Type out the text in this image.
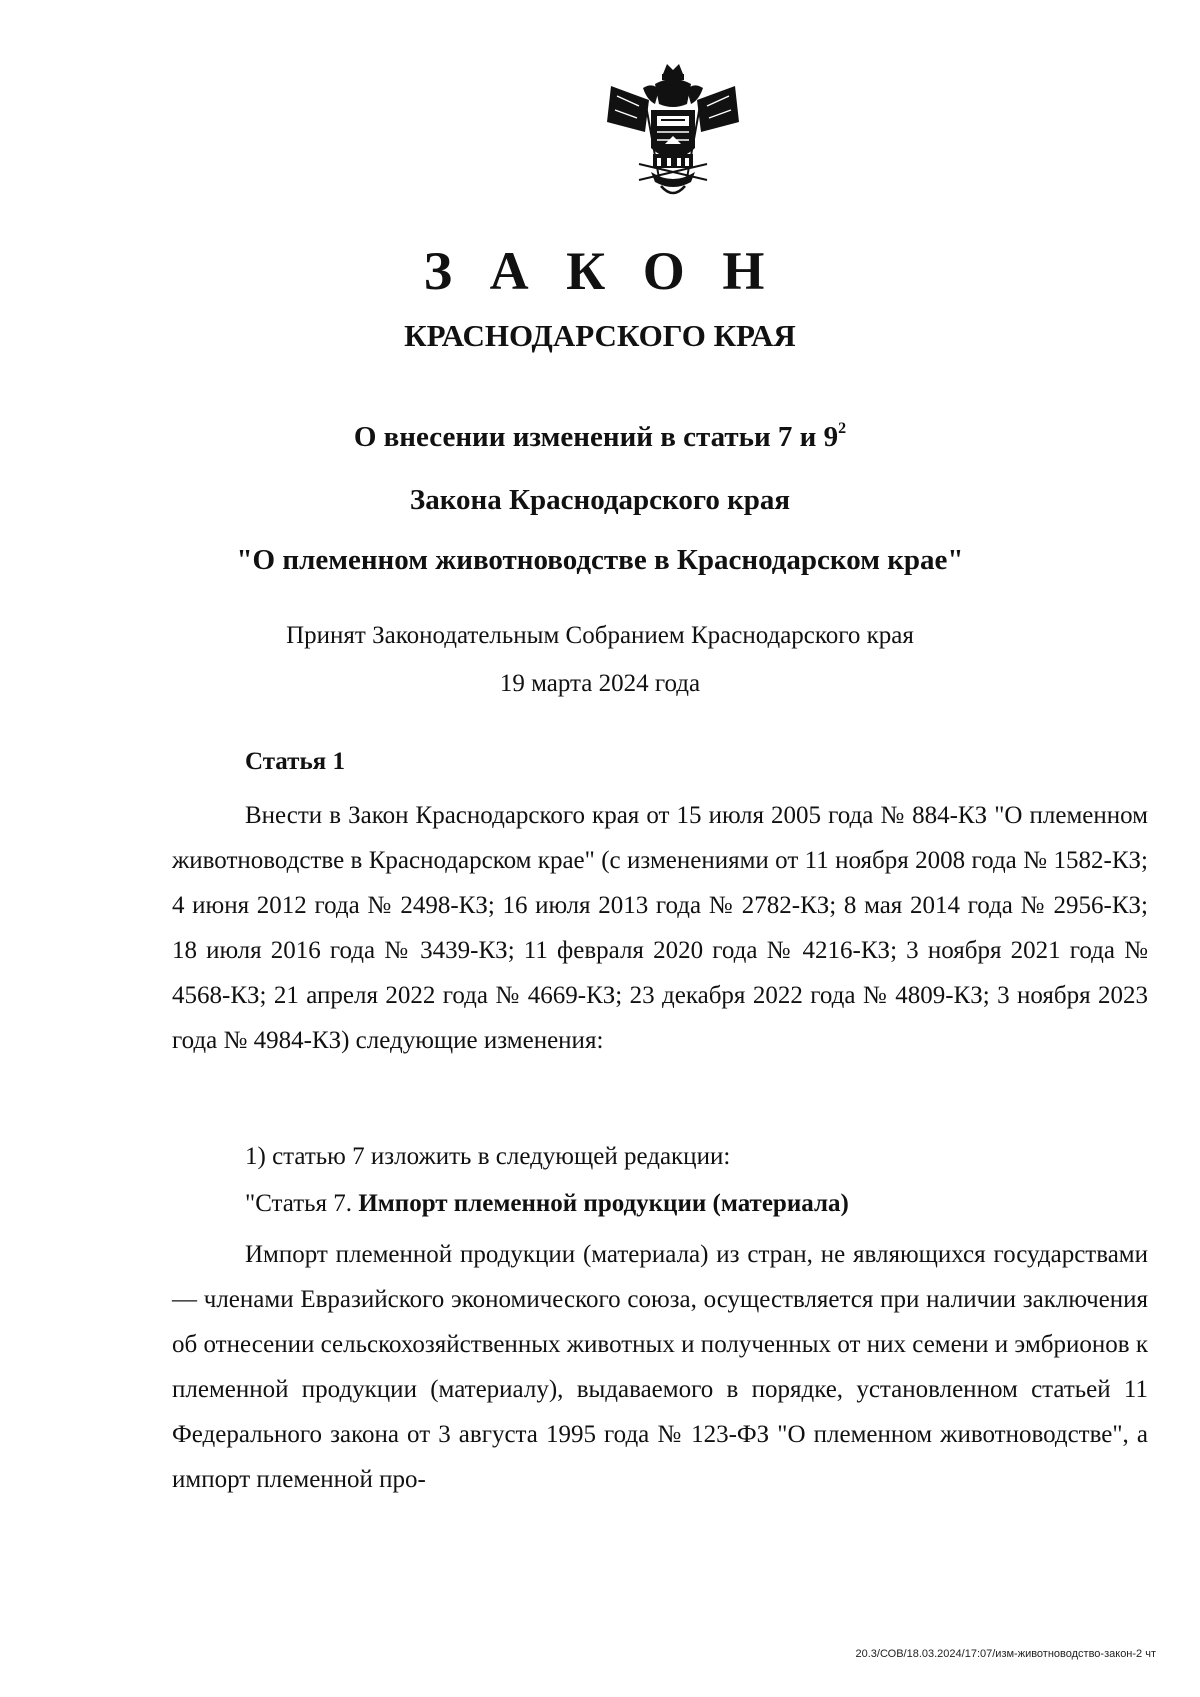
З А К О Н
КРАСНОДАРСКОГО КРАЯ
О внесении изменений в статьи 7 и $9^2$
Закона Краснодарского края
"О племенном животноводстве в Краснодарском крае"
Принят Законодательным Собранием Краснодарского края
19 марта 2024 года
Статья 1
Внести в Закон Краснодарского края от 15 июля 2005 года № 884-КЗ "О племенном животноводстве в Краснодарском крае" (с изменениями от 11 ноября 2008 года № 1582-КЗ; 4 июня 2012 года № 2498-КЗ; 16 июля 2013 года № 2782-КЗ; 8 мая 2014 года № 2956-КЗ; 18 июля 2016 года № 3439-КЗ; 11 февраля 2020 года № 4216-КЗ; 3 ноября 2021 года № 4568-КЗ; 21 апреля 2022 года № 4669-КЗ; 23 декабря 2022 года № 4809-КЗ; 3 ноября 2023 года № 4984-КЗ) следующие изменения:
1) статью 7 изложить в следующей редакции:
"Статья 7. Импорт племенной продукции (материала)
Импорт племенной продукции (материала) из стран, не являющихся государствами — членами Евразийского экономического союза, осуществляется при наличии заключения об отнесении сельскохозяйственных животных и полученных от них семени и эмбрионов к племенной продукции (материалу), выдаваемого в порядке, установленном статьей 11 Федерального закона от 3 августа 1995 года № 123-ФЗ "О племенном животноводстве", а импорт племенной про-
20.3/СОВ/18.03.2024/17:07/изм-животноводство-закон-2 чт
